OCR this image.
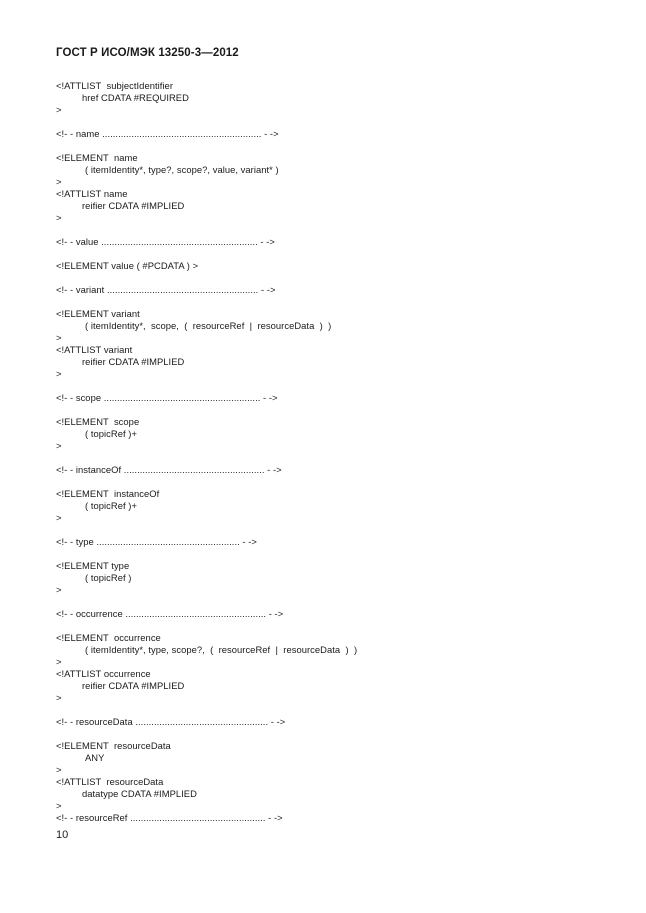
ГОСТ Р ИСО/МЭК 13250-3—2012
<!ATTLIST  subjectIdentifier
href CDATA #REQUIRED
>
<!- - name ............................................................ - ->
<!ELEMENT  name
( itemIdentity*, type?, scope?, value, variant* )
>
<!ATTLIST name
reifier CDATA #IMPLIED
>
<!- - value ........................................................... - ->
<!ELEMENT value ( #PCDATA ) >
<!- - variant ......................................................... - ->
<!ELEMENT variant
( itemIdentity*,  scope,  (  resourceRef  |  resourceData  )  )
>
<!ATTLIST variant
reifier CDATA #IMPLIED
>
<!- - scope ........................................................... - ->
<!ELEMENT  scope
( topicRef )+
>
<!- - instanceOf ..................................................... - ->
<!ELEMENT  instanceOf
( topicRef )+
>
<!- - type ...................................................... - ->
<!ELEMENT type
( topicRef )
>
<!- - occurrence ..................................................... - ->
<!ELEMENT  occurrence
( itemIdentity*, type, scope?,  (  resourceRef  |  resourceData  )  )
>
<!ATTLIST occurrence
reifier CDATA #IMPLIED
>
<!- - resourceData .................................................. - ->
<!ELEMENT  resourceData
ANY
>
<!ATTLIST  resourceData
datatype CDATA #IMPLIED
>
<!- - resourceRef ................................................... - ->
10
